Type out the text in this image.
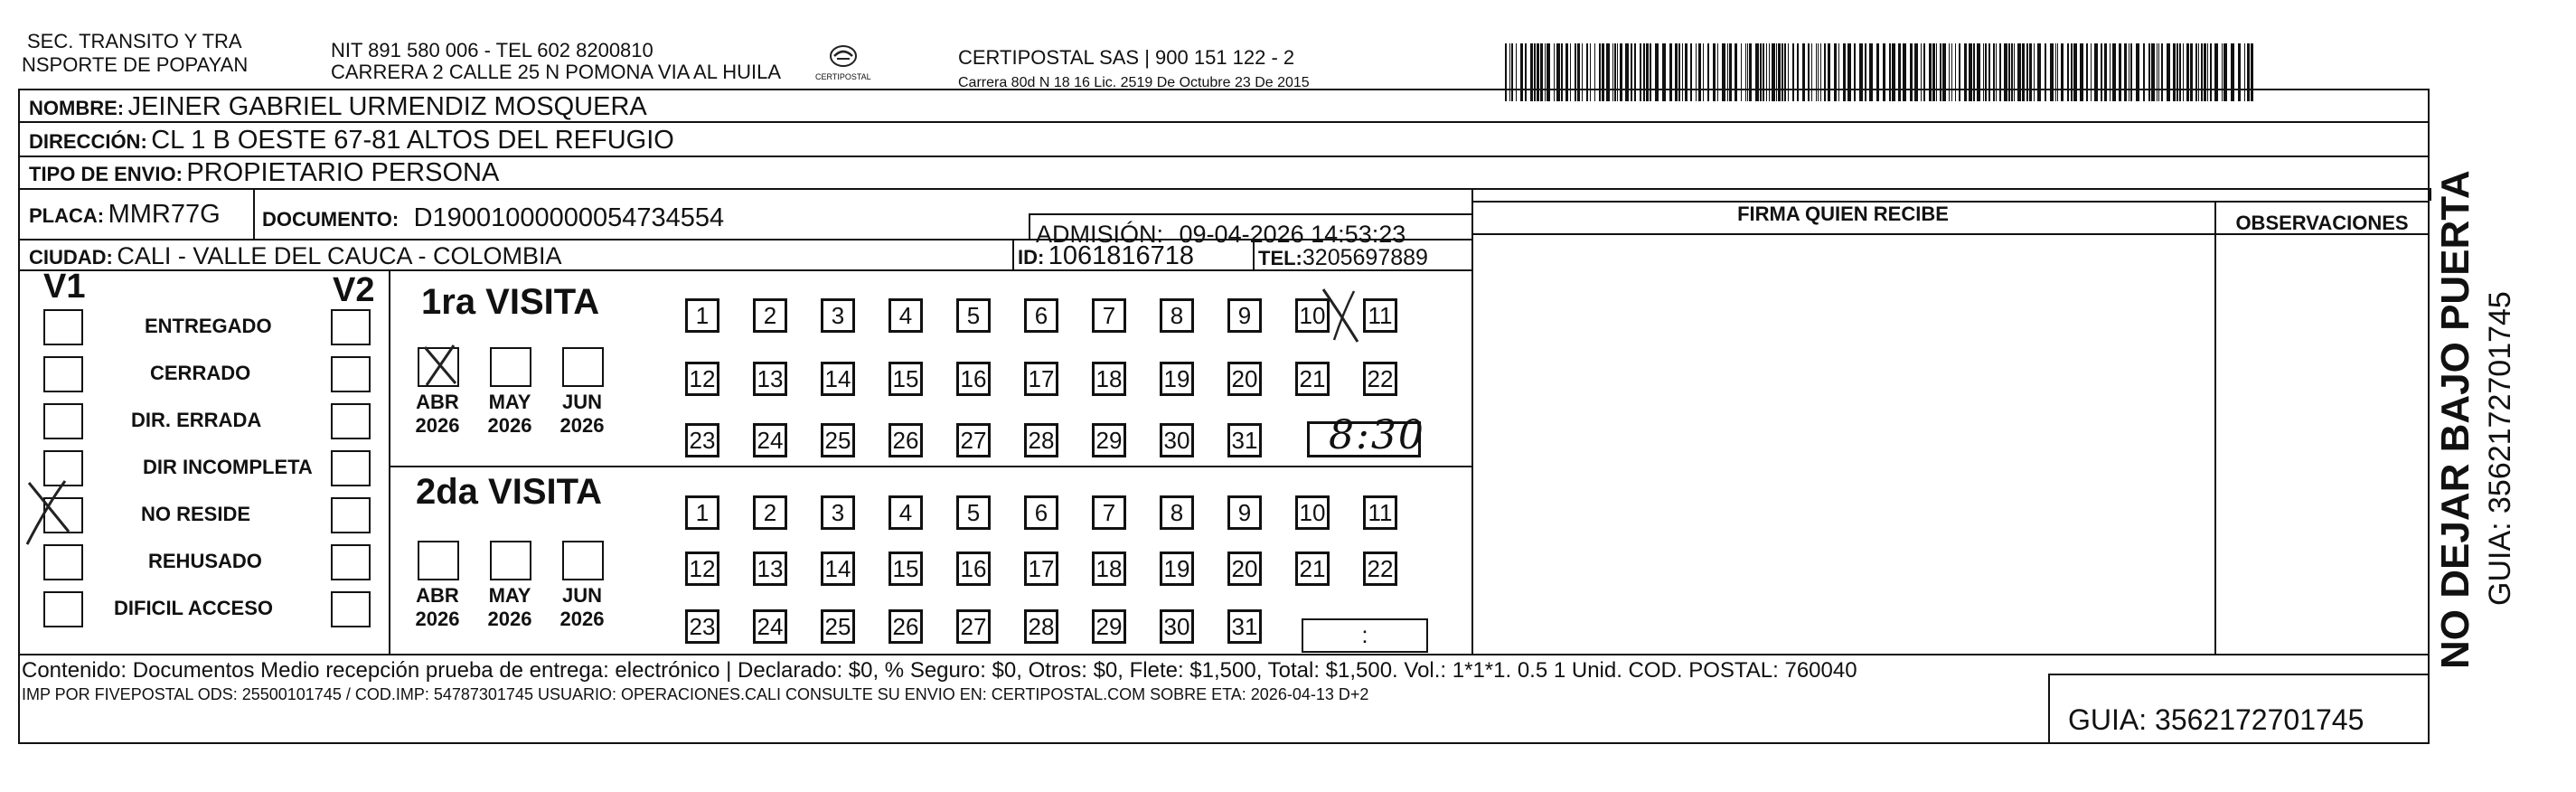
SEC. TRANSITO Y TRA
NSPORTE DE POPAYAN
NIT 891 580 006 - TEL 602 8200810
CARRERA 2 CALLE 25 N POMONA VIA AL HUILA	CERTIPOSTAL
CERTIPOSTAL SAS | 900 151 122 - 2
Carrera 80d N 18 16 Lic. 2519 De Octubre 23 De 2015
NOMBRE: JEINER GABRIEL URMENDIZ MOSQUERA
DIRECCIÓN: CL 1 B OESTE 67-81 ALTOS DEL REFUGIO
TIPO DE ENVIO: PROPIETARIO PERSONA
PLACA: MMR77G DOCUMENTO: D19001000000054734554
ADMISIÓN: 09-04-2026 14:53:23
CIUDAD: CALI - VALLE DEL CAUCA - COLOMBIA	ID: 1061816718	TEL:3205697889
FIRMA QUIEN RECIBE	OBSERVACIONES
V1	V2
ENTREGADO
CERRADO
DIR. ERRADA
DIR INCOMPLETA
NO RESIDE
REHUSADO
DIFICIL ACCESO
1ra VISITA
ABR
2026
MAY
2026
JUN
2026
1	2	3	4	5	6	7	8	9	10 11
12 13 14 15 16 17 18 19 20 21 22
23 24 25 26 27 28 29 30 31 8:30
2da VISITA
ABR
2026
MAY
2026
JUN
2026
1	2	3	4	5	6	7	8	9	10 11
12 13 14 15 16 17 18 19 20 21 22
23 24 25 26 27 28 29 30 31	:
Contenido: Documentos Medio recepción prueba de entrega: electrónico | Declarado: $0, % Seguro: $0, Otros: $0, Flete: $1,500, Total: $1,500. Vol.: 1*1*1. 0.5 1 Unid. COD. POSTAL: 760040
IMP POR FIVEPOSTAL ODS: 25500101745 / COD.IMP: 54787301745 USUARIO: OPERACIONES.CALI CONSULTE SU ENVIO EN: CERTIPOSTAL.COM SOBRE ETA: 2026-04-13 D+2
GUIA: 3562172701745
NO DEJAR BAJO PUERTA GUIA: 3562172701745
